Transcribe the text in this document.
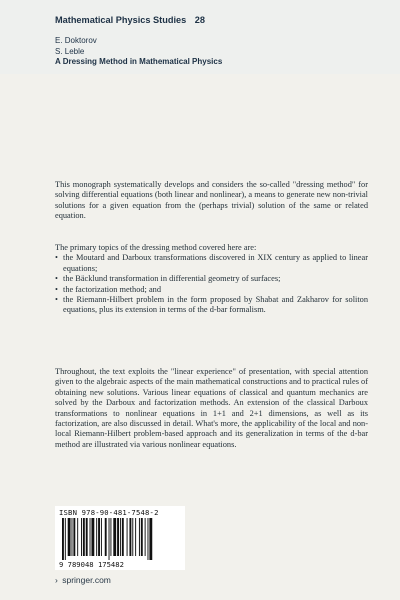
Mathematical Physics Studies 28
E. Doktorov
S. Leble
A Dressing Method in Mathematical Physics

This monograph systematically develops and considers the so-called "dressing method" for solving differential equations (both linear and nonlinear), a means to generate new non-trivial solutions for a given equation from the (perhaps trivial) solution of the same or related equation.

The primary topics of the dressing method covered here are:

• the Moutard and Darboux transformations discovered in XIX century as applied to linear equations;
• the Bäcklund transformation in differential geometry of surfaces;
• the factorization method; and
• the Riemann-Hilbert problem in the form proposed by Shabat and Zakharov for soliton equations, plus its extension in terms of the d-bar formalism.

Throughout, the text exploits the "linear experience" of presentation, with special attention given to the algebraic aspects of the main mathematical constructions and to practical rules of obtaining new solutions. Various linear equations of classical and quantum mechanics are solved by the Darboux and factorization methods. An extension of the classical Darboux transformations to nonlinear equations in 1+1 and 2+1 dimensions, as well as its factorization, are also discussed in detail. What's more, the applicability of the local and non-local Riemann-Hilbert problem-based approach and its generalization in terms of the d-bar method are illustrated via various nonlinear equations.

ISBN 978-90-481-7548-2
9 789048 175482
› springer.com
